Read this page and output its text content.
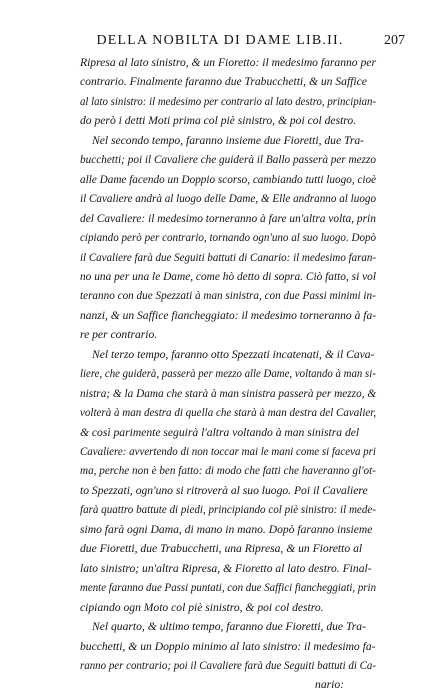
DELLA NOBILTA DI DAME LIB.II.	207
Ripresa al lato sinistro, & un Fioretto: il medesimo faranno per
contrario. Finalmente faranno due Trabucchetti, & un Saffice
al lato sinistro: il medesimo per contrario al lato destro, principian-
do però i detti Moti prima col piè sinistro, & poi col destro.
Nel secondo tempo, faranno insieme due Fioretti, due Tra-
bucchetti; poi il Cavaliere che guiderà il Ballo passerà per mezzo
alle Dame facendo un Doppio scorso, cambiando tutti luogo, cioè
il Cavaliere andrà al luogo delle Dame, & Elle andranno al luogo
del Cavaliere: il medesimo torneranno à fare un'altra volta, prin
cipiando però per contrario, tornando ogn'uno al suo luogo. Dopò
il Cavaliere farà due Seguiti battuti di Canario: il medesimo faran-
no una per una le Dame, come hò detto di sopra. Ciò fatto, si vol
teranno con due Spezzati à man sinistra, con due Passi minimi in-
nanzi, & un Saffice fiancheggiato: il medesimo torneranno à fa-
re per contrario.
Nel terzo tempo, faranno otto Spezzati incatenati, & il Cava-
liere, che guiderà, passerà per mezzo alle Dame, voltando à man si-
nistra; & la Dama che starà à man sinistra passerà per mezzo, &
volterà à man destra di quella che starà à man destra del Cavalier,
& così parimente seguirà l'altra voltando à man sinistra del
Cavaliere: avvertendo di non toccar mai le mani come si faceva pri
ma, perche non è ben fatto: di modo che fatti che haveranno gl'ot-
to Spezzati, ogn'uno si ritroverà al suo luogo. Poi il Cavaliere
farà quattro battute di piedi, principiando col piè sinistro: il mede-
simo farà ogni Dama, di mano in mano. Dopò faranno insieme
due Fioretti, due Trabucchetti, una Ripresa, & un Fioretto al
lato sinistro; un'altra Ripresa, & Fioretto al lato destro. Final-
mente faranno due Passi puntati, con due Saffici fiancheggiati, prin
cipiando ogn Moto col piè sinistro, & poi col destro.
Nel quarto, & ultimo tempo, faranno due Fioretti, due Tra-
bucchetti, & un Doppio minimo al lato sinistro: il medesimo fa-
ranno per contrario; poi il Cavaliere farà due Seguiti battuti di Ca-
nario:
